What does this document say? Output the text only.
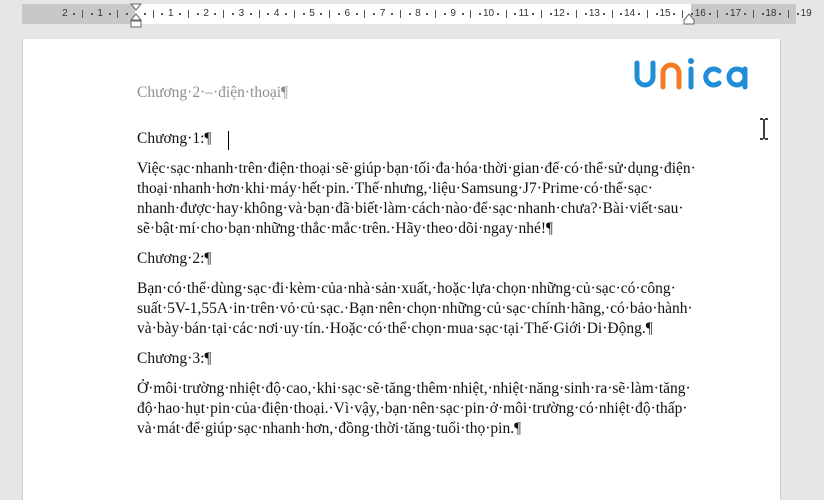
2	1	1	2	3	4	5	6	7	8	9	10	11	12	13	14	15	16	17	18	19
Chương·2·–·điện·thoại¶
Chương·1:¶
Việc·sạc·nhanh·trên·điện·thoại·sẽ·giúp·bạn·tối·đa·hóa·thời·gian·để·có·thể·sử·dụng·điện·
thoại·nhanh·hơn·khi·máy·hết·pin.·Thế·nhưng,·liệu·Samsung·J7·Prime·có·thể·sạc·
nhanh·được·hay·không·và·bạn·đã·biết·làm·cách·nào·để·sạc·nhanh·chưa?·Bài·viết·sau·
sẽ·bật·mí·cho·bạn·những·thắc·mắc·trên.·Hãy·theo·dõi·ngay·nhé!¶
Chương·2:¶
Bạn·có·thể·dùng·sạc·đi·kèm·của·nhà·sản·xuất,·hoặc·lựa·chọn·những·củ·sạc·có·công·
suất·5V-1,55A·in·trên·vỏ·củ·sạc.·Bạn·nên·chọn·những·củ·sạc·chính·hãng,·có·bảo·hành·
và·bày·bán·tại·các·nơi·uy·tín.·Hoặc·có·thể·chọn·mua·sạc·tại·Thế·Giới·Di·Động.¶
Chương·3:¶
Ở·môi·trường·nhiệt·độ·cao,·khi·sạc·sẽ·tăng·thêm·nhiệt,·nhiệt·năng·sinh·ra·sẽ·làm·tăng·
độ·hao·hụt·pin·của·điện·thoại.·Vì·vậy,·bạn·nên·sạc·pin·ở·môi·trường·có·nhiệt·độ·thấp·
và·mát·để·giúp·sạc·nhanh·hơn,·đồng·thời·tăng·tuổi·thọ·pin.¶
